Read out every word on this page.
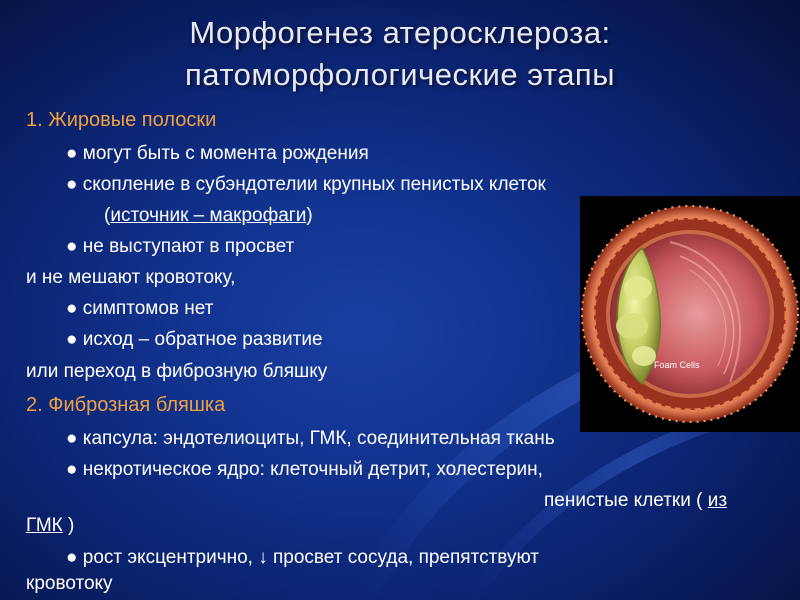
Морфогенез атеросклероза:
патоморфологические этапы
1. Жировые полоски
● могут быть с момента рождения
● скопление в субэндотелии крупных пенистых клеток
(источник – макрофаги)
● не выступают в просвет
и не мешают кровотоку,
● симптомов нет
● исход – обратное развитие
или переход в фиброзную бляшку
2. Фиброзная бляшка
Foam Cells
● капсула: эндотелиоциты, ГМК, соединительная ткань
● некротическое ядро: клеточный детрит, холестерин,
пенистые клетки ( из
ГМК )
● рост эксцентрично, ↓ просвет сосуда, препятствуют
кровотоку
